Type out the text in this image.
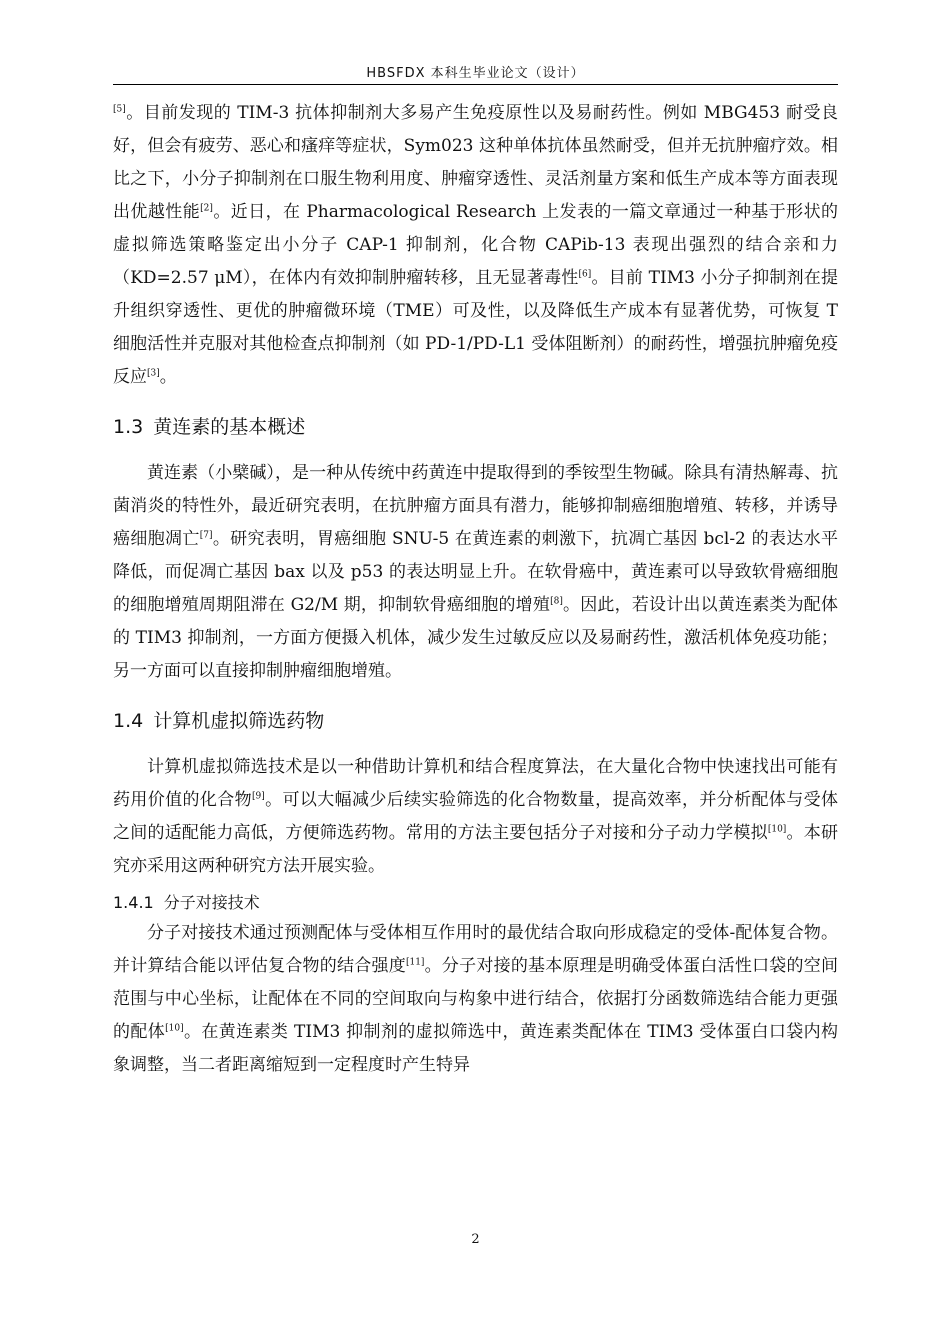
HBSFDX 本科生毕业论文（设计）

[5]。目前发现的 TIM-3 抗体抑制剂大多易产生免疫原性以及易耐药性。例如 MBG453 耐受良好，但会有疲劳、恶心和瘙痒等症状，Sym023 这种单体抗体虽然耐受，但并无抗肿瘤疗效。相比之下，小分子抑制剂在口服生物利用度、肿瘤穿透性、灵活剂量方案和低生产成本等方面表现出优越性能[2]。近日，在 Pharmacological Research 上发表的一篇文章通过一种基于形状的虚拟筛选策略鉴定出小分子 CAP-1 抑制剂，化合物 CAPib-13 表现出强烈的结合亲和力（KD=2.57 μM），在体内有效抑制肿瘤转移，且无显著毒性[6]。目前 TIM3 小分子抑制剂在提升组织穿透性、更优的肿瘤微环境（TME）可及性，以及降低生产成本有显著优势，可恢复 T 细胞活性并克服对其他检查点抑制剂（如 PD-1/PD-L1 受体阻断剂）的耐药性，增强抗肿瘤免疫反应[3]。

1.3 黄连素的基本概述

黄连素（小檗碱），是一种从传统中药黄连中提取得到的季铵型生物碱。除具有清热解毒、抗菌消炎的特性外，最近研究表明，在抗肿瘤方面具有潜力，能够抑制癌细胞增殖、转移，并诱导癌细胞凋亡[7]。研究表明，胃癌细胞 SNU-5 在黄连素的刺激下，抗凋亡基因 bcl-2 的表达水平降低，而促凋亡基因 bax 以及 p53 的表达明显上升。在软骨癌中，黄连素可以导致软骨癌细胞的细胞增殖周期阻滞在 G2/M 期，抑制软骨癌细胞的增殖[8]。因此，若设计出以黄连素类为配体的 TIM3 抑制剂，一方面方便摄入机体，减少发生过敏反应以及易耐药性，激活机体免疫功能；另一方面可以直接抑制肿瘤细胞增殖。

1.4 计算机虚拟筛选药物

计算机虚拟筛选技术是以一种借助计算机和结合程度算法，在大量化合物中快速找出可能有药用价值的化合物[9]。可以大幅减少后续实验筛选的化合物数量，提高效率，并分析配体与受体之间的适配能力高低，方便筛选药物。常用的方法主要包括分子对接和分子动力学模拟[10]。本研究亦采用这两种研究方法开展实验。

1.4.1 分子对接技术

分子对接技术通过预测配体与受体相互作用时的最优结合取向形成稳定的受体-配体复合物。并计算结合能以评估复合物的结合强度[11]。分子对接的基本原理是明确受体蛋白活性口袋的空间范围与中心坐标，让配体在不同的空间取向与构象中进行结合，依据打分函数筛选结合能力更强的配体[10]。在黄连素类 TIM3 抑制剂的虚拟筛选中，黄连素类配体在 TIM3 受体蛋白口袋内构象调整，当二者距离缩短到一定程度时产生特异

2
